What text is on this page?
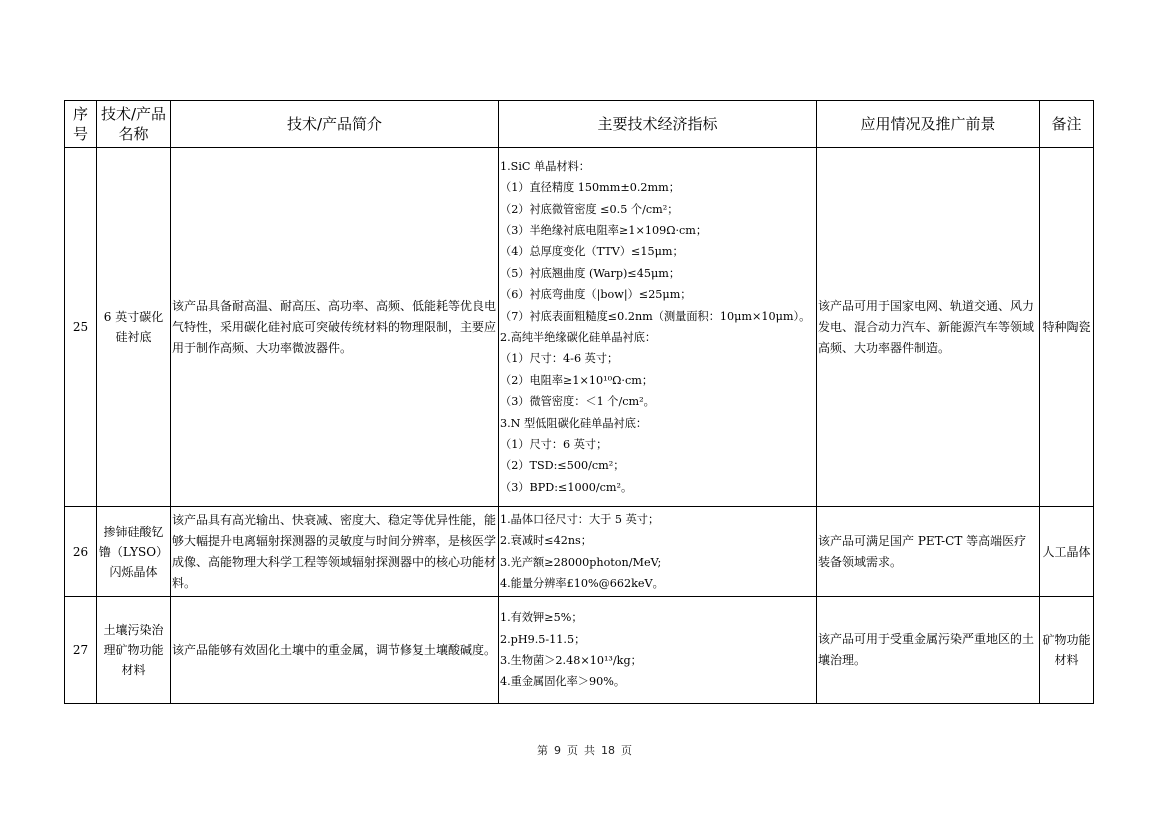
序号	技术/产品名称	技术/产品简介	主要技术经济指标	应用情况及推广前景	备注
25	6 英寸碳化硅衬底	该产品具备耐高温、耐高压、高功率、高频、低能耗等优良电气特性，采用碳化硅衬底可突破传统材料的物理限制，主要应用于制作高频、大功率微波器件。	
1.SiC 单晶材料：
（1）直径精度 150mm±0.2mm；
（2）衬底微管密度 ≤0.5 个/cm²；
（3）半绝缘衬底电阻率≥1×109Ω·cm；
（4）总厚度变化（TTV）≤15μm；
（5）衬底翘曲度 (Warp)≤45μm；
（6）衬底弯曲度（|bow|）≤25μm；
（7）衬底表面粗糙度≤0.2nm（测量面积：10μm×10μm）。
2.高纯半绝缘碳化硅单晶衬底：
（1）尺寸：4-6 英寸；
（2）电阻率≥1×10¹⁰Ω·cm；
（3）微管密度：＜1 个/cm²。
3.N 型低阻碳化硅单晶衬底：
（1）尺寸：6 英寸；
（2）TSD:≤500/cm²；
（3）BPD:≤1000/cm²。
	该产品可用于国家电网、轨道交通、风力发电、混合动力汽车、新能源汽车等领域高频、大功率器件制造。	特种陶瓷
26	掺铈硅酸钇镥（LYSO）闪烁晶体	该产品具有高光输出、快衰减、密度大、稳定等优异性能，能够大幅提升电离辐射探测器的灵敏度与时间分辨率，是核医学成像、高能物理大科学工程等领域辐射探测器中的核心功能材料。	1.晶体口径尺寸：大于 5 英寸；
2.衰减时≤42ns；
3.光产额≥28000photon/MeV;
4.能量分辨率£10%@662keV。	该产品可满足国产 PET-CT 等高端医疗装备领域需求。	人工晶体
27	土壤污染治理矿物功能材料	该产品能够有效固化土壤中的重金属，调节修复土壤酸碱度。	1.有效钾≥5%；
2.pH9.5-11.5；
3.生物菌＞2.48×10¹³/kg；
4.重金属固化率＞90%。	该产品可用于受重金属污染严重地区的土壤治理。	矿物功能材料
第 9 页 共 18 页
